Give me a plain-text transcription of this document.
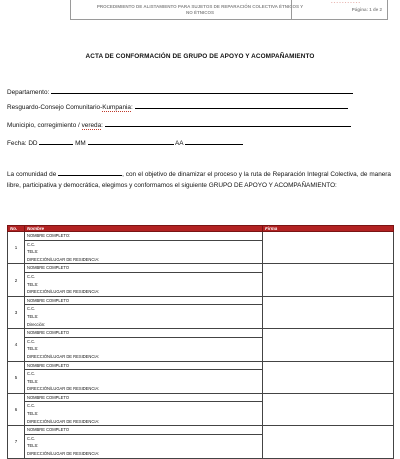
PROCEDIMIENTO DE ALISTAMIENTO PARA SUJETOS DE REPARACIÓN COLECTIVA ÉTNICOS Y NO ÉTNICOS
- - - - - - - - - - -
Página: 1 de 2
ACTA DE CONFORMACIÓN DE GRUPO DE APOYO Y ACOMPAÑAMIENTO
Departamento:
Resguardo-Consejo Comunitario-Kumpania:
Municipio, corregimiento / vereda:
Fecha: DD	MM	AA
La comunidad de	, con el objetivo de dinamizar el proceso y la ruta de Reparación Integral Colectiva, de manera libre, participativa y democrática, elegimos y conformamos el siguiente GRUPO DE APOYO Y ACOMPAÑAMIENTO:
No.	Nombre	Firma
1	NOMBRE COMPLETO:
C.C.
TELS:
DIRECCIÓN/LUGAR DE RESIDENCIA:	

2	NOMBRE COMPLETO
C.C.
TELS:
DIRECCIÓN/LUGAR DE RESIDENCIA:	

3	NOMBRE COMPLETO
C.C.
TELS:
Dirección:	

4	NOMBRE COMPLETO
C.C.
TELS:
DIRECCIÓN/LUGAR DE RESIDENCIA:	

5	NOMBRE COMPLETO
C.C.
TELS:
DIRECCIÓN/LUGAR DE RESIDENCIA:	

6	NOMBRE COMPLETO
C.C.
TELS:
DIRECCIÓN/LUGAR DE RESIDENCIA:	

7	NOMBRE COMPLETO
C.C.
TELS:
DIRECCIÓN/LUGAR DE RESIDENCIA:	
